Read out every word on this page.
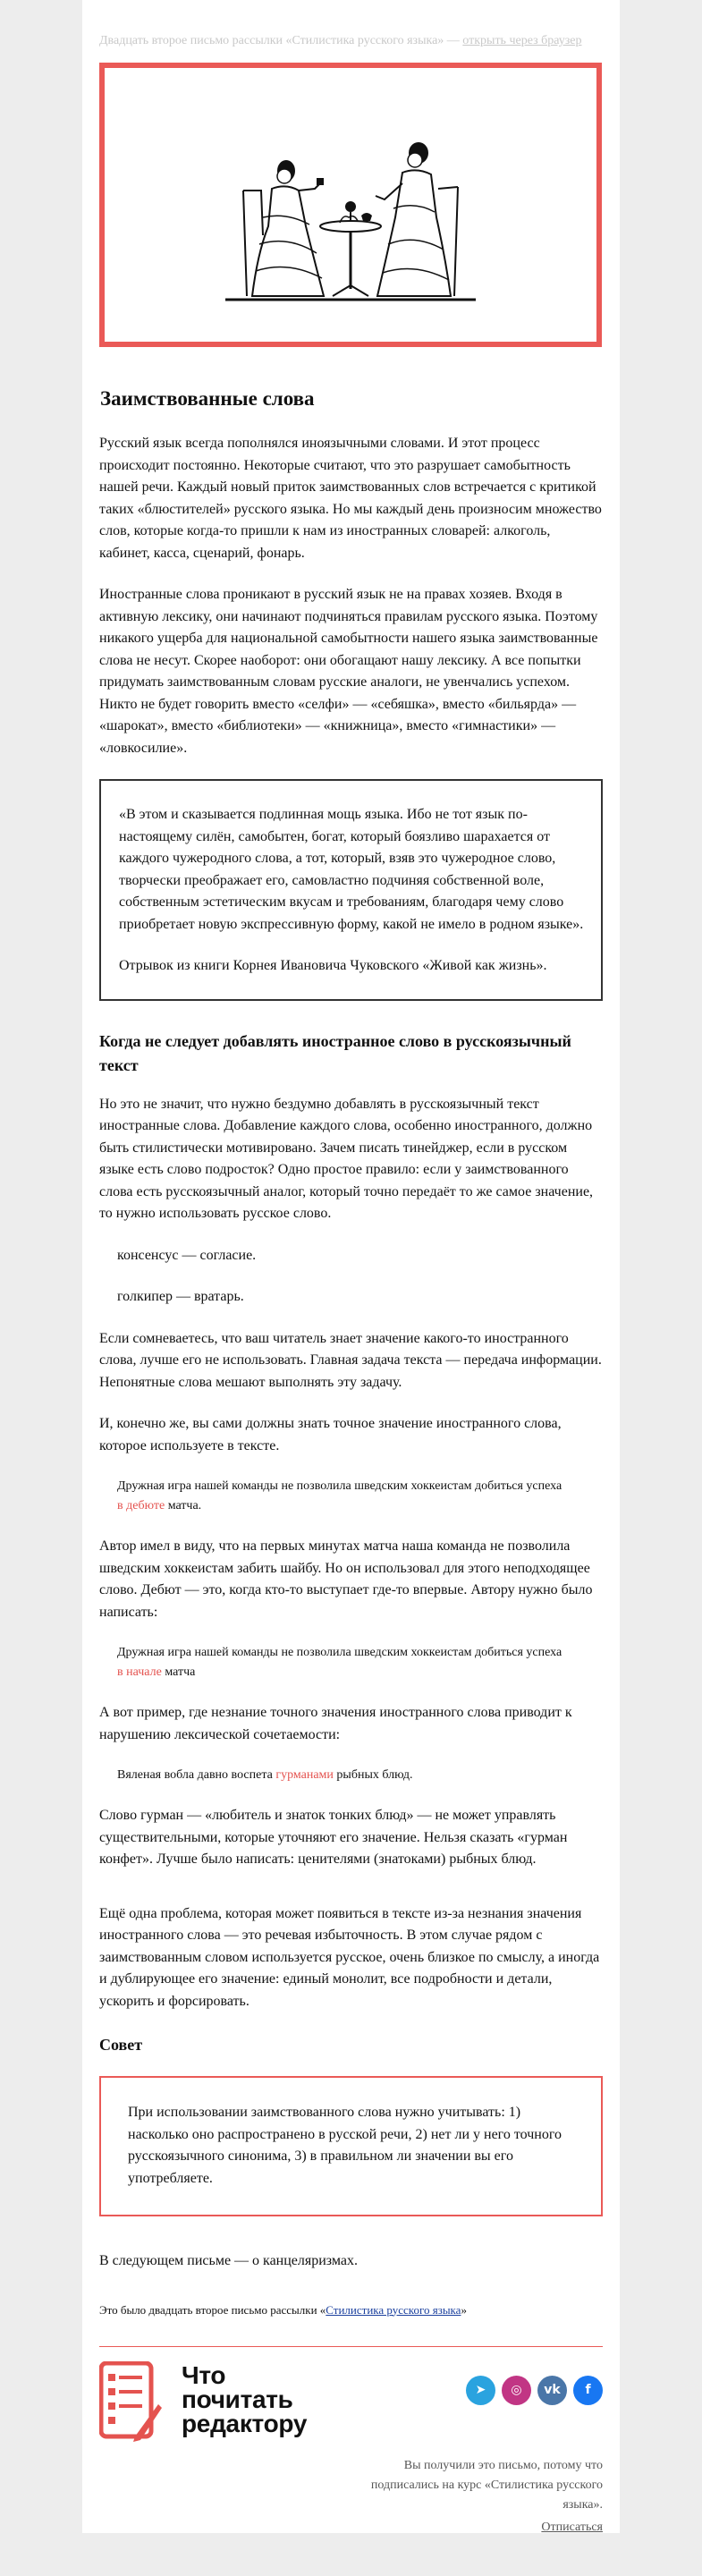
Двадцать второе письмо рассылки «Стилистика русского языка» — открыть через браузер
Заимствованные слова

Русский язык всегда пополнялся иноязычными словами. И этот процесс происходит постоянно. Некоторые считают, что это разрушает самобытность нашей речи. Каждый новый приток заимствованных слов встречается с критикой таких «блюстителей» русского языка. Но мы каждый день произносим множество слов, которые когда-то пришли к нам из иностранных словарей: алкоголь, кабинет, касса, сценарий, фонарь.

Иностранные слова проникают в русский язык не на правах хозяев. Входя в активную лексику, они начинают подчиняться правилам русского языка. Поэтому никакого ущерба для национальной самобытности нашего языка заимствованные слова не несут. Скорее наоборот: они обогащают нашу лексику. А все попытки придумать заимствованным словам русские аналоги, не увенчались успехом. Никто не будет говорить вместо «селфи» — «себяшка», вместо «бильярда» — «шарокат», вместо «библиотеки» — «книжница», вместо «гимнастики» — «ловкосилие».

«В этом и сказывается подлинная мощь языка. Ибо не тот язык по-настоящему силён, самобытен, богат, который боязливо шарахается от каждого чужеродного слова, а тот, который, взяв это чужеродное слово, творчески преображает его, самовластно подчиняя собственной воле, собственным эстетическим вкусам и требованиям, благодаря чему слово приобретает новую экспрессивную форму, какой не имело в родном языке».

Отрывок из книги Корнея Ивановича Чуковского «Живой как жизнь».

Когда не следует добавлять иностранное слово в русскоязычный текст

Но это не значит, что нужно бездумно добавлять в русскоязычный текст иностранные слова. Добавление каждого слова, особенно иностранного, должно быть стилистически мотивировано. Зачем писать тинейджер, если в русском языке есть слово подросток? Одно простое правило: если у заимствованного слова есть русскоязычный аналог, который точно передаёт то же самое значение, то нужно использовать русское слово.

консенсус — согласие.

голкипер — вратарь.

Если сомневаетесь, что ваш читатель знает значение какого-то иностранного слова, лучше его не использовать. Главная задача текста — передача информации. Непонятные слова мешают выполнять эту задачу.

И, конечно же, вы сами должны знать точное значение иностранного слова, которое используете в тексте.

Дружная игра нашей команды не позволила шведским хоккеистам добиться успеха
в дебюте матча.

Автор имел в виду, что на первых минутах матча наша команда не позволила шведским хоккеистам забить шайбу. Но он использовал для этого неподходящее слово. Дебют — это, когда кто-то выступает где-то впервые. Автору нужно было написать:

Дружная игра нашей команды не позволила шведским хоккеистам добиться успеха
в начале матча

А вот пример, где незнание точного значения иностранного слова приводит к нарушению лексической сочетаемости:

Вяленая вобла давно воспета гурманами рыбных блюд.

Слово гурман — «любитель и знаток тонких блюд» — не может управлять существительными, которые уточняют его значение. Нельзя сказать «гурман конфет». Лучше было написать: ценителями (знатоками) рыбных блюд.

Ещё одна проблема, которая может появиться в тексте из-за незнания значения иностранного слова — это речевая избыточность. В этом случае рядом с заимствованным словом используется русское, очень близкое по смыслу, а иногда и дублирующее его значение: единый монолит, все подробности и детали, ускорить и форсировать.

Совет

При использовании заимствованного слова нужно учитывать: 1) насколько оно распространено в русской речи, 2) нет ли у него точного русскоязычного синонима, 3) в правильном ли значении вы его употребляете.

В следующем письме — о канцеляризмах.

Это было двадцать второе письмо рассылки «Стилистика русского языка»

Что
почитать
редактору
➤	◎	vk	f
Вы получили это письмо, потому что подписались на курс «Стилистика русского языка».
Отписаться
